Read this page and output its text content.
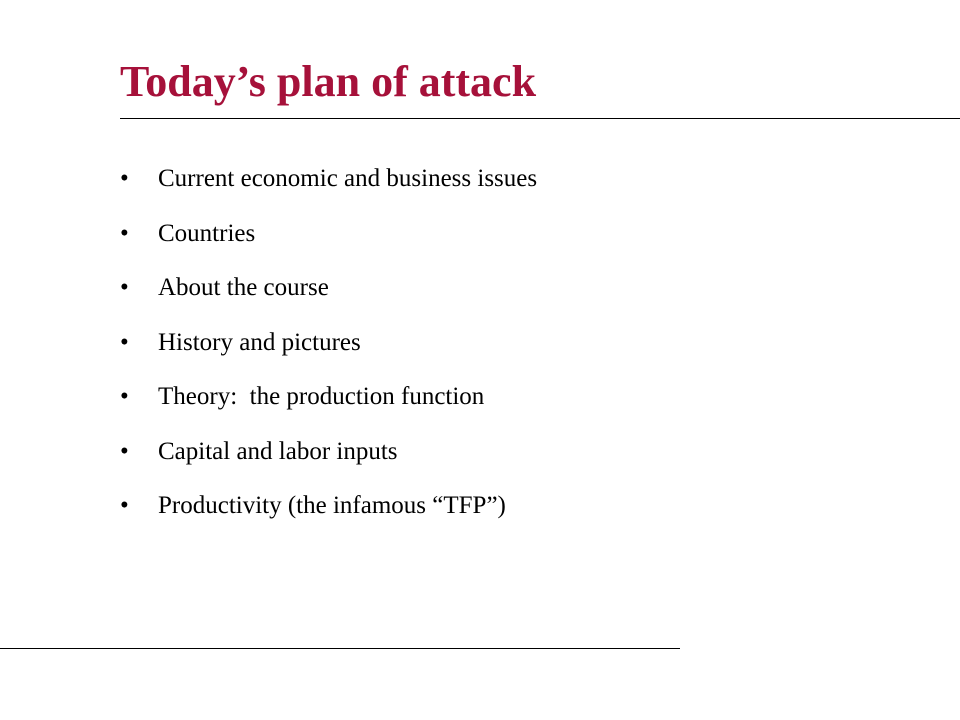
Today’s plan of attack
•	Current economic and business issues
•	Countries
•	About the course
•	History and pictures
•	Theory:  the production function
•	Capital and labor inputs
•	Productivity (the infamous “TFP”)
